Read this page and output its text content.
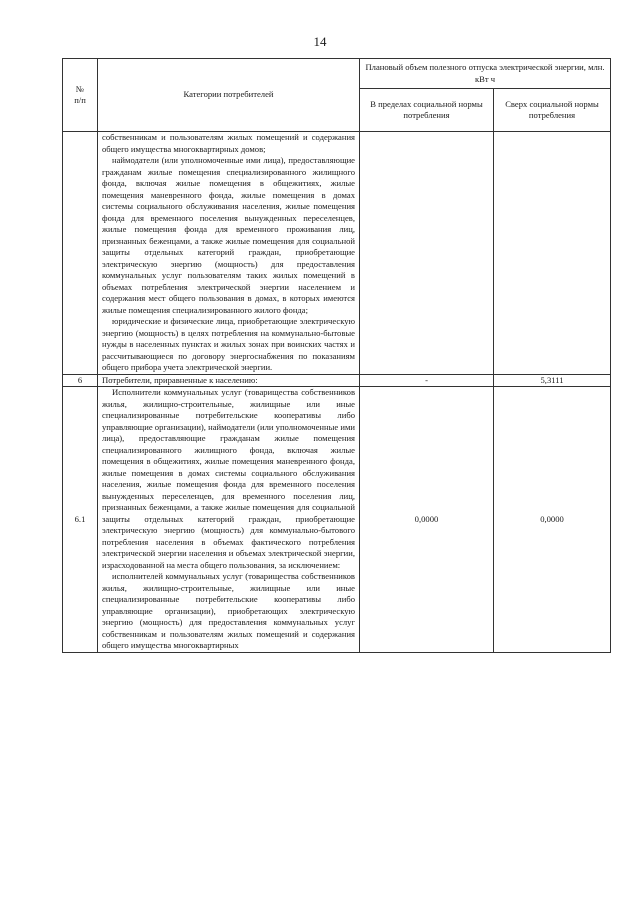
14
№
п/п	Категории потребителей	Плановый объем полезного отпуска электрической энергии, млн. кВт ч	
		В пределах социальной нормы потребления	Сверх социальной нормы потребления

	собственникам и пользователям жилых помещений и содержания общего имущества многоквартирных домов;
наймодатели (или уполномоченные ими лица), предоставляющие гражданам жилые помещения специализированного жилищного фонда, включая жилые помещения в общежитиях, жилые помещения маневренного фонда, жилые помещения в домах системы социального обслуживания населения, жилые помещения фонда для временного поселения вынужденных переселенцев, жилые помещения фонда для временного проживания лиц, признанных беженцами, а также жилые помещения для социальной защиты отдельных категорий граждан, приобретающие электрическую энергию (мощность) для предоставления коммунальных услуг пользователям таких жилых помещений в объемах потребления электрической энергии населением и содержания мест общего пользования в домах, в которых имеются жилые помещения специализированного жилого фонда;
юридические и физические лица, приобретающие электрическую энергию (мощность) в целях потребления на коммунально-бытовые нужды в населенных пунктах и жилых зонах при воинских частях и рассчитывающиеся по договору энергоснабжения по показаниям общего прибора учета электрической энергии.		

6	Потребители, приравненные к населению:	-	5,3111
6.1	Исполнители коммунальных услуг (товарищества собственников жилья, жилищно-строительные, жилищные или иные специализированные потребительские кооперативы либо управляющие организации), наймодатели (или уполномоченные ими лица), предоставляющие гражданам жилые помещения специализированного жилищного фонда, включая жилые помещения в общежитиях, жилые помещения маневренного фонда, жилые помещения в домах системы социального обслуживания населения, жилые помещения фонда для временного поселения вынужденных переселенцев, для временного поселения лиц, признанных беженцами, а также жилые помещения для социальной защиты отдельных категорий граждан, приобретающие электрическую энергию (мощность) для коммунально-бытового потребления населения в объемах фактического потребления электрической энергии населения и объемах электрической энергии, израсходованной на места общего пользования, за исключением:
исполнителей коммунальных услуг (товарищества собственников жилья, жилищно-строительные, жилищные или иные специализированные потребительские кооперативы либо управляющие организации), приобретающих электрическую энергию (мощность) для предоставления коммунальных услуг собственникам и пользователям жилых помещений и содержания общего имущества многоквартирных	0,0000	0,0000
